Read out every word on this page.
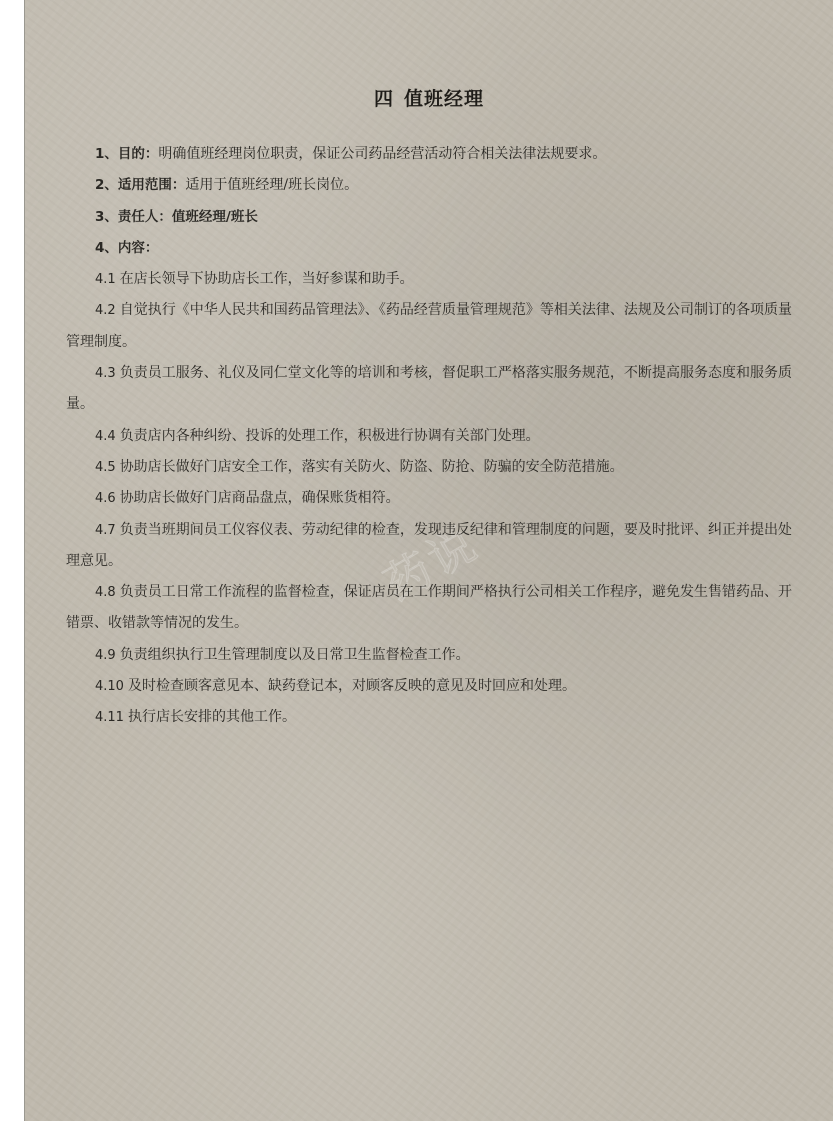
四 值班经理
药说

1、目的：明确值班经理岗位职责，保证公司药品经营活动符合相关法律法规要求。

2、适用范围：适用于值班经理/班长岗位。

3、责任人：值班经理/班长

4、内容：

4.1 在店长领导下协助店长工作，当好参谋和助手。

4.2 自觉执行《中华人民共和国药品管理法》、《药品经营质量管理规范》等相关法律、法规及公司制订的各项质量管理制度。

4.3 负责员工服务、礼仪及同仁堂文化等的培训和考核，督促职工严格落实服务规范，不断提高服务态度和服务质量。

4.4 负责店内各种纠纷、投诉的处理工作，积极进行协调有关部门处理。

4.5 协助店长做好门店安全工作，落实有关防火、防盗、防抢、防骗的安全防范措施。

4.6 协助店长做好门店商品盘点，确保账货相符。

4.7 负责当班期间员工仪容仪表、劳动纪律的检查，发现违反纪律和管理制度的问题，要及时批评、纠正并提出处理意见。

4.8 负责员工日常工作流程的监督检查，保证店员在工作期间严格执行公司相关工作程序，避免发生售错药品、开错票、收错款等情况的发生。

4.9 负责组织执行卫生管理制度以及日常卫生监督检查工作。

4.10 及时检查顾客意见本、缺药登记本，对顾客反映的意见及时回应和处理。

4.11 执行店长安排的其他工作。
